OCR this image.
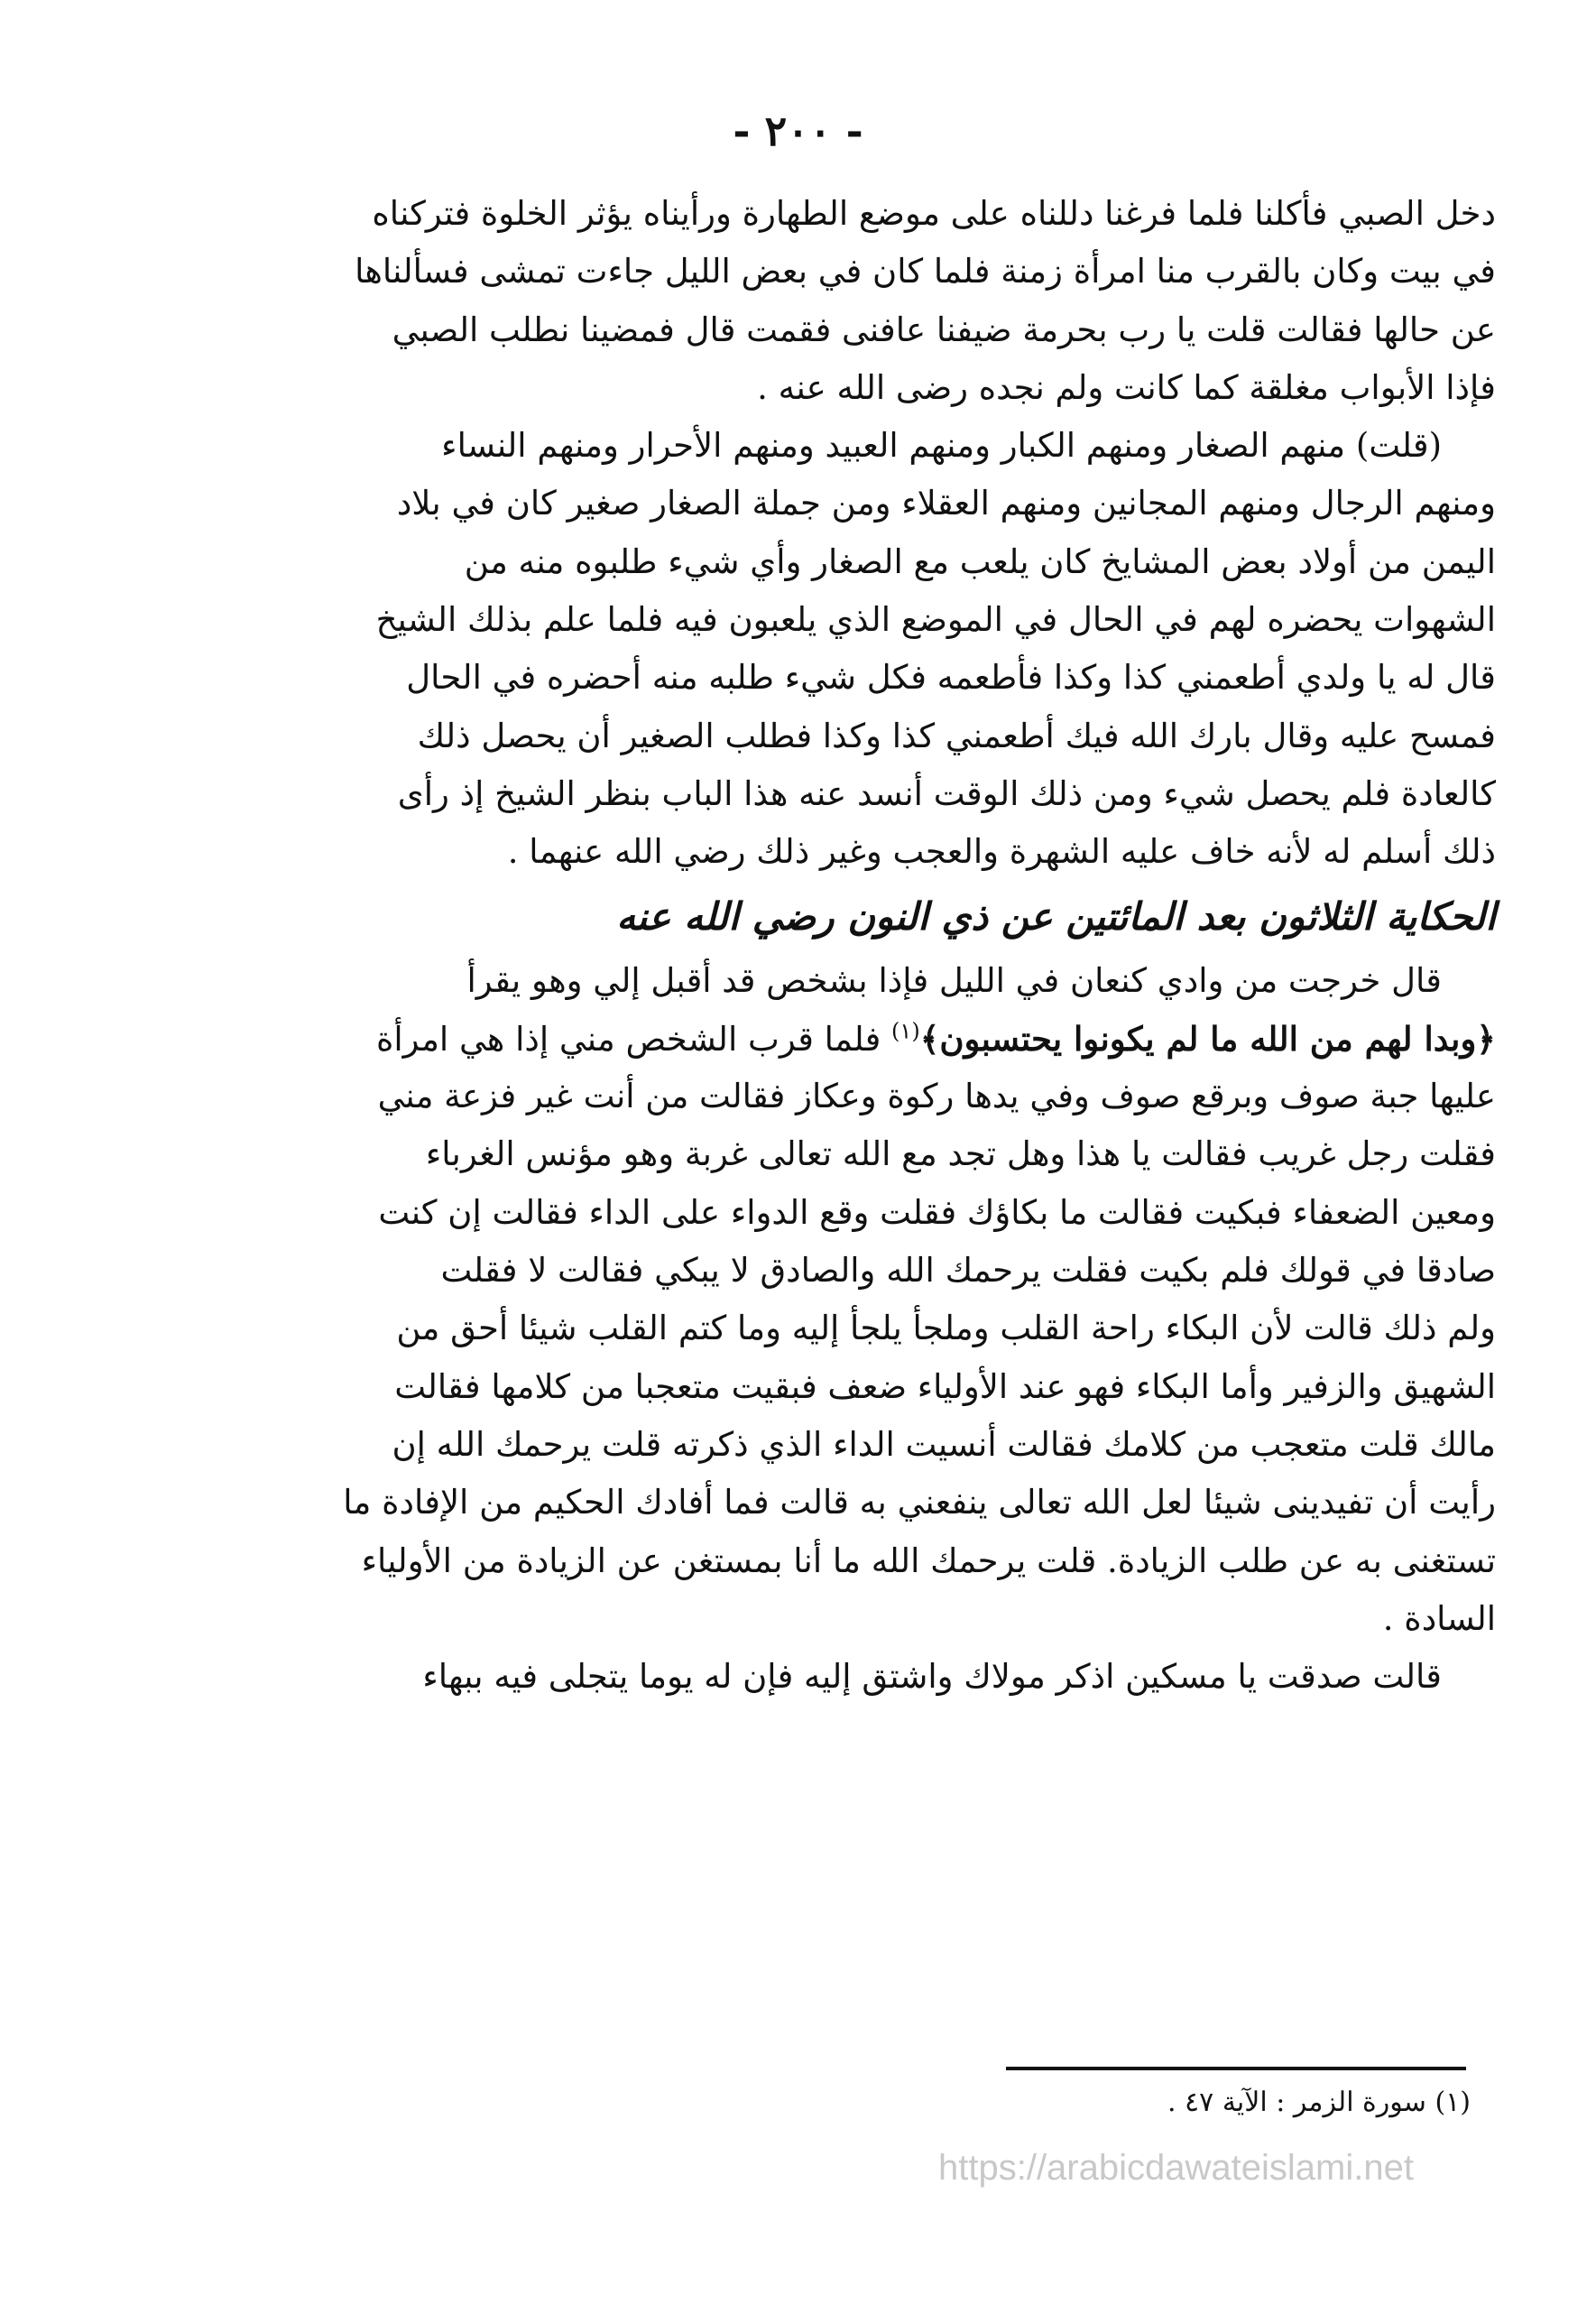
- ٢٠٠ -
دخل الصبي فأكلنا فلما فرغنا دللناه على موضع الطهارة ورأيناه يؤثر الخلوة فتركناه
في بيت وكان بالقرب منا امرأة زمنة فلما كان في بعض الليل جاءت تمشى فسألناها
عن حالها فقالت قلت يا رب بحرمة ضيفنا عافنى فقمت قال فمضينا نطلب الصبي
فإذا الأبواب مغلقة كما كانت ولم نجده رضى الله عنه .
(قلت) منهم الصغار ومنهم الكبار ومنهم العبيد ومنهم الأحرار ومنهم النساء
ومنهم الرجال ومنهم المجانين ومنهم العقلاء ومن جملة الصغار صغير كان في بلاد
اليمن من أولاد بعض المشايخ كان يلعب مع الصغار وأي شيء طلبوه منه من
الشهوات يحضره لهم في الحال في الموضع الذي يلعبون فيه فلما علم بذلك الشيخ
قال له يا ولدي أطعمني كذا وكذا فأطعمه فكل شيء طلبه منه أحضره في الحال
فمسح عليه وقال بارك الله فيك أطعمني كذا وكذا فطلب الصغير أن يحصل ذلك
كالعادة فلم يحصل شيء ومن ذلك الوقت أنسد عنه هذا الباب بنظر الشيخ إذ رأى
ذلك أسلم له لأنه خاف عليه الشهرة والعجب وغير ذلك رضي الله عنهما .
الحكاية الثلاثون بعد المائتين عن ذي النون رضي الله عنه
قال خرجت من وادي كنعان في الليل فإذا بشخص قد أقبل إلي وهو يقرأ
﴿وبدا لهم من الله ما لم يكونوا يحتسبون﴾$^{(١)}$ فلما قرب الشخص مني إذا هي امرأة
عليها جبة صوف وبرقع صوف وفي يدها ركوة وعكاز فقالت من أنت غير فزعة مني
فقلت رجل غريب فقالت يا هذا وهل تجد مع الله تعالى غربة وهو مؤنس الغرباء
ومعين الضعفاء فبكيت فقالت ما بكاؤك فقلت وقع الدواء على الداء فقالت إن كنت
صادقا في قولك فلم بكيت فقلت يرحمك الله والصادق لا يبكي فقالت لا فقلت
ولم ذلك قالت لأن البكاء راحة القلب وملجأ يلجأ إليه وما كتم القلب شيئا أحق من
الشهيق والزفير وأما البكاء فهو عند الأولياء ضعف فبقيت متعجبا من كلامها فقالت
مالك قلت متعجب من كلامك فقالت أنسيت الداء الذي ذكرته قلت يرحمك الله إن
رأيت أن تفيدينى شيئا لعل الله تعالى ينفعني به قالت فما أفادك الحكيم من الإفادة ما
تستغنى به عن طلب الزيادة. قلت يرحمك الله ما أنا بمستغن عن الزيادة من الأولياء
السادة .
قالت صدقت يا مسكين اذكر مولاك واشتق إليه فإن له يوما يتجلى فيه ببهاء
(١) سورة الزمر : الآية ٤٧ .
https://arabicdawateislami.net
